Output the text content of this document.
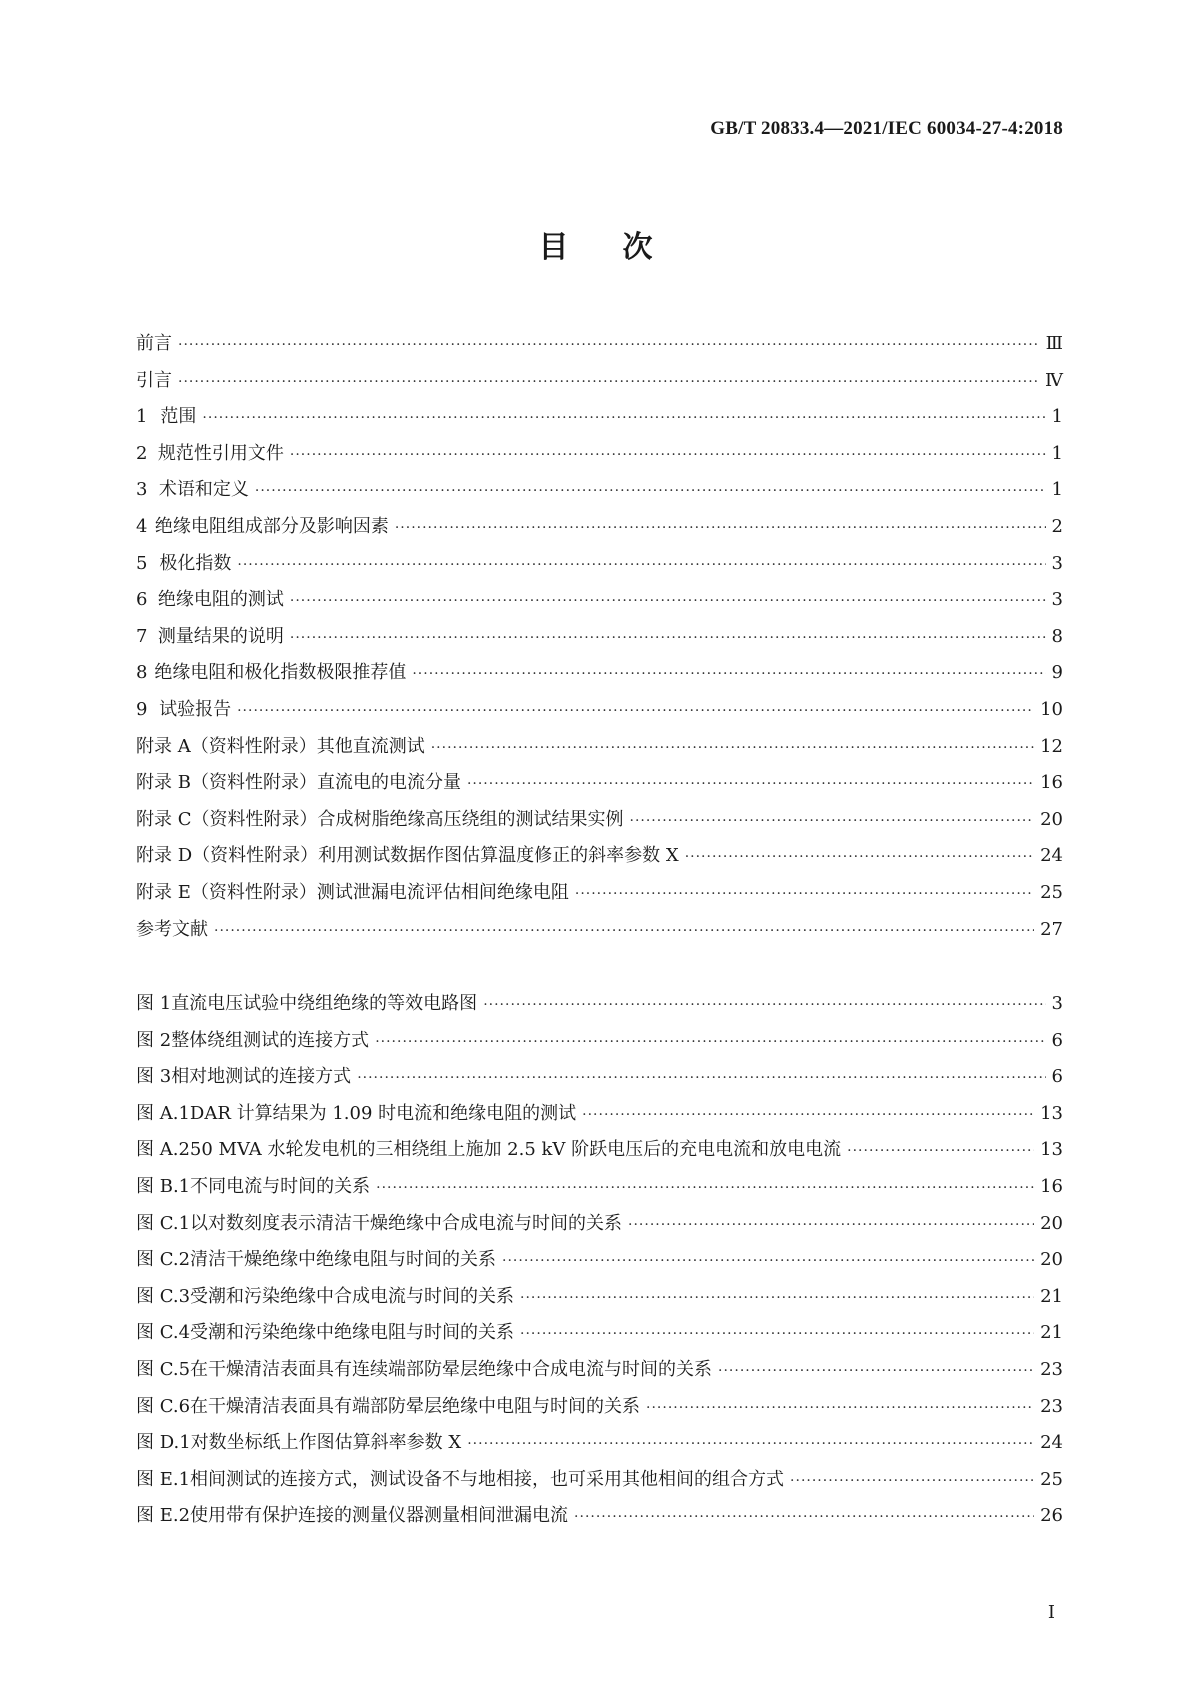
GB/T 20833.4—2021/IEC 60034-27-4:2018
目次
前言 ·····	Ⅲ
引言 ·····	Ⅳ
1 范围 ·····	1
2 规范性引用文件 ·····	1
3 术语和定义 ·····	1
4 绝缘电阻组成部分及影响因素 ·····	2
5 极化指数 ·····	3
6 绝缘电阻的测试 ·····	3
7 测量结果的说明 ·····	8
8 绝缘电阻和极化指数极限推荐值 ·····	9
9 试验报告 ·····	10
附录 A（资料性附录） 其他直流测试 ·····	12
附录 B（资料性附录） 直流电的电流分量 ·····	16
附录 C（资料性附录） 合成树脂绝缘高压绕组的测试结果实例 ·····	20
附录 D（资料性附录） 利用测试数据作图估算温度修正的斜率参数 X ·····	24
附录 E（资料性附录） 测试泄漏电流评估相间绝缘电阻 ·····	25
参考文献 ·····	27
图 1 直流电压试验中绕组绝缘的等效电路图 ·····	3
图 2 整体绕组测试的连接方式 ·····	6
图 3 相对地测试的连接方式 ·····	6
图 A.1 DAR 计算结果为 1.09 时电流和绝缘电阻的测试 ·····	13
图 A.2 50 MVA 水轮发电机的三相绕组上施加 2.5 kV 阶跃电压后的充电电流和放电电流 ·····	13
图 B.1 不同电流与时间的关系 ·····	16
图 C.1 以对数刻度表示清洁干燥绝缘中合成电流与时间的关系 ·····	20
图 C.2 清洁干燥绝缘中绝缘电阻与时间的关系 ·····	20
图 C.3 受潮和污染绝缘中合成电流与时间的关系 ·····	21
图 C.4 受潮和污染绝缘中绝缘电阻与时间的关系 ·····	21
图 C.5 在干燥清洁表面具有连续端部防晕层绝缘中合成电流与时间的关系 ·····	23
图 C.6 在干燥清洁表面具有端部防晕层绝缘中电阻与时间的关系 ·····	23
图 D.1 对数坐标纸上作图估算斜率参数 X ·····	24
图 E.1 相间测试的连接方式，测试设备不与地相接，也可采用其他相间的组合方式 ·····	25
图 E.2 使用带有保护连接的测量仪器测量相间泄漏电流 ·····	26
I
